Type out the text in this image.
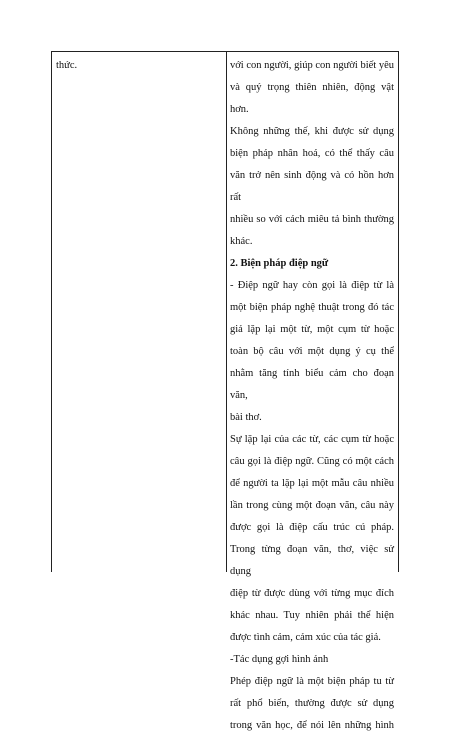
thức.	với con người, giúp con người biết yêu

và quý trọng thiên nhiên, động vật hơn.

Không những thế, khi được sử dụng

biện pháp nhân hoá, có thể thấy câu

văn trở nên sinh động và có hồn hơn rất

nhiều so với cách miêu tả bình thường

khác.

2. Biện pháp điệp ngữ

- Điệp ngữ hay còn gọi là điệp từ là

một biện pháp nghệ thuật trong đó tác

giả lặp lại một từ, một cụm từ hoặc

toàn bộ câu với một dụng ý cụ thể

nhằm tăng tính biểu cảm cho đoạn văn,

bài thơ.

Sự lặp lại của các từ, các cụm từ hoặc

câu gọi là điệp ngữ. Cũng có một cách

để người ta lặp lại một mẫu câu nhiều

lần trong cùng một đoạn văn, câu này

được gọi là điệp cấu trúc cú pháp.

Trong từng đoạn văn, thơ, việc sử dụng

điệp từ được dùng với từng mục đích

khác nhau. Tuy nhiên phải thể hiện

được tình cảm, cảm xúc của tác giả.

-Tác dụng gợi hình ảnh

Phép điệp ngữ là một biện pháp tu từ

rất phổ biến, thường được sử dụng

trong văn học, để nói lên những hình
